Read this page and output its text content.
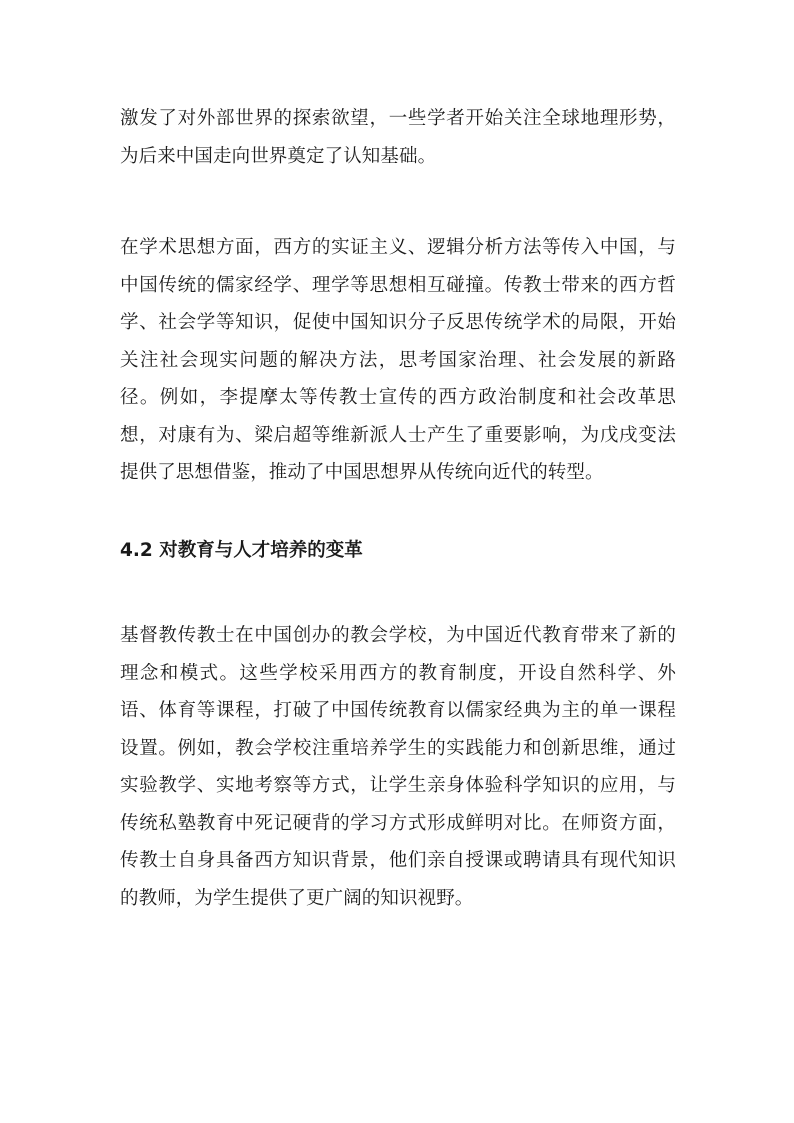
激发了对外部世界的探索欲望，一些学者开始关注全球地理形势，为后来中国走向世界奠定了认知基础。

在学术思想方面，西方的实证主义、逻辑分析方法等传入中国，与中国传统的儒家经学、理学等思想相互碰撞。传教士带来的西方哲学、社会学等知识，促使中国知识分子反思传统学术的局限，开始关注社会现实问题的解决方法，思考国家治理、社会发展的新路径。例如，李提摩太等传教士宣传的西方政治制度和社会改革思想，对康有为、梁启超等维新派人士产生了重要影响，为戊戌变法提供了思想借鉴，推动了中国思想界从传统向近代的转型。

4.2 对教育与人才培养的变革

基督教传教士在中国创办的教会学校，为中国近代教育带来了新的理念和模式。这些学校采用西方的教育制度，开设自然科学、外语、体育等课程，打破了中国传统教育以儒家经典为主的单一课程设置。例如，教会学校注重培养学生的实践能力和创新思维，通过实验教学、实地考察等方式，让学生亲身体验科学知识的应用，与传统私塾教育中死记硬背的学习方式形成鲜明对比。在师资方面，传教士自身具备西方知识背景，他们亲自授课或聘请具有现代知识的教师，为学生提供了更广阔的知识视野。
